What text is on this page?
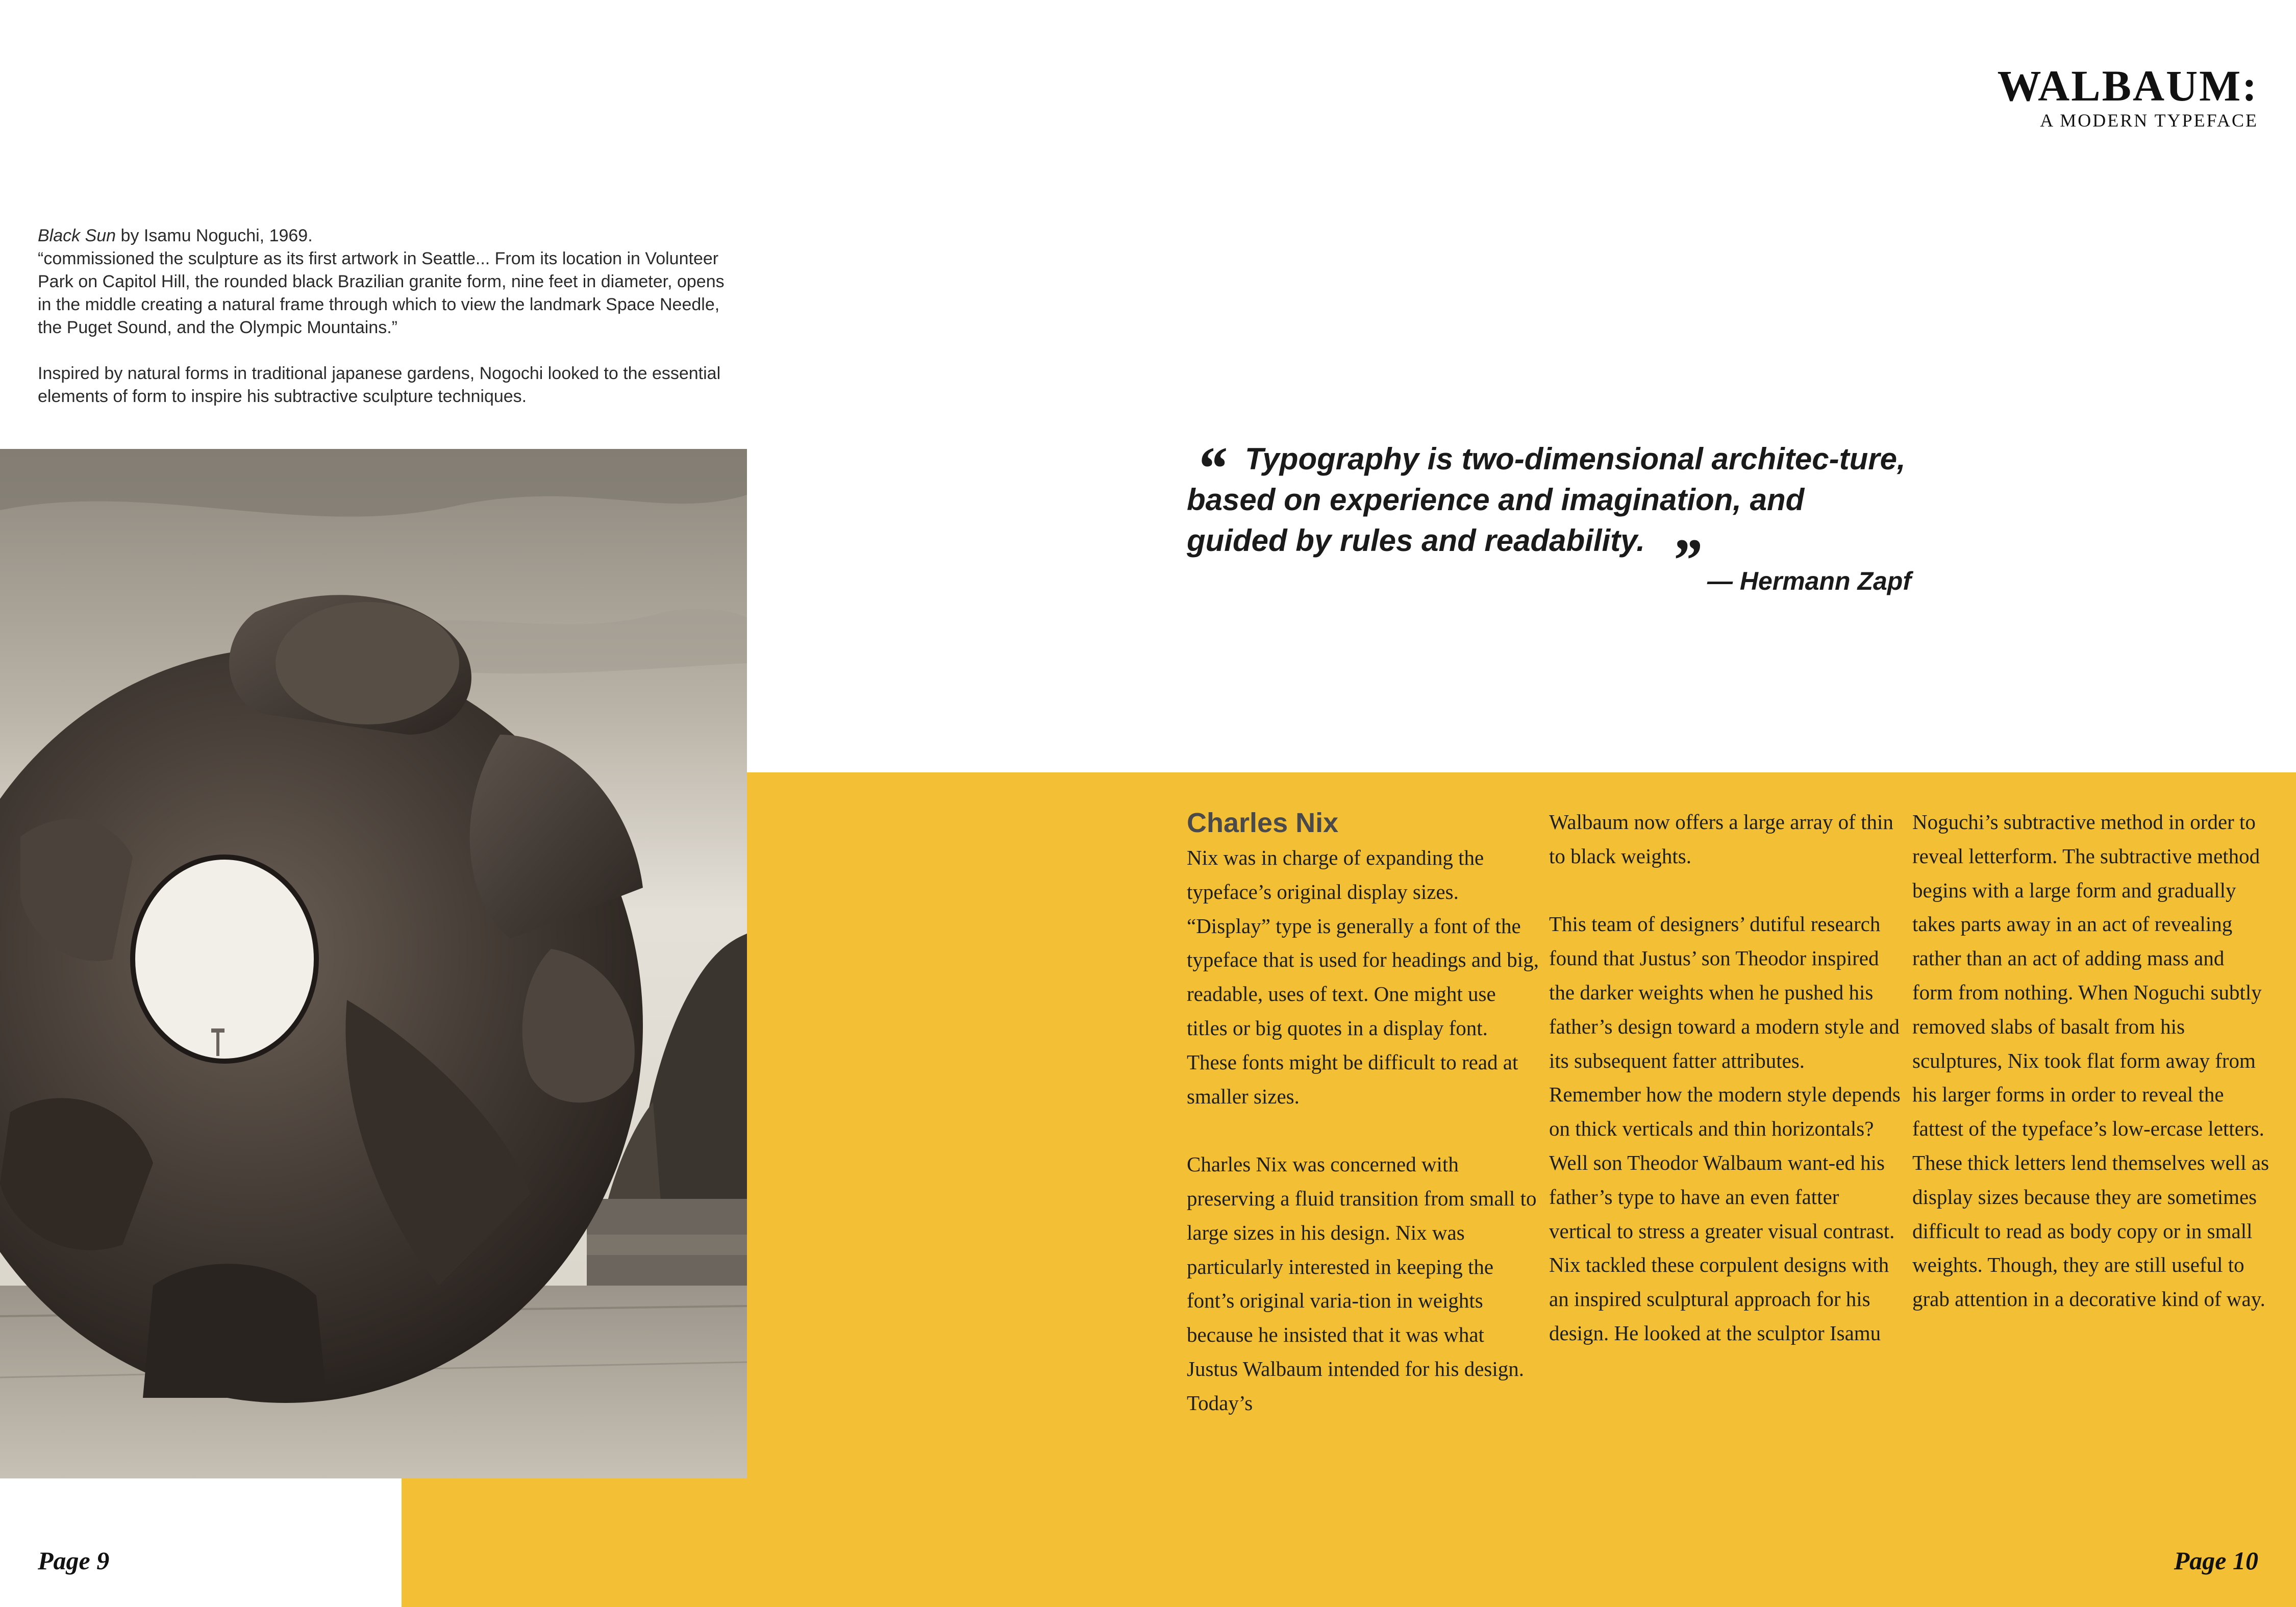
WALBAUM:
A MODERN TYPEFACE

Black Sun by Isamu Noguchi, 1969.

“commissioned the sculpture as its first artwork in Seattle... From its location in Volunteer Park on Capitol Hill, the rounded black Brazilian granite form, nine feet in diameter, opens in the middle creating a natural frame through which to view the landmark Space Needle, the Puget Sound, and the Olympic Mountains.”

Inspired by natural forms in traditional japanese gardens, Nogochi looked to the essential elements of form to inspire his subtractive sculpture techniques.

“ Typography is two-dimensional architec-ture, based on experience and imagination, and guided by rules and readability. ” — Hermann Zapf
Charles Nix

Nix was in charge of expanding the typeface’s original display sizes. “Display” type is generally a font of the typeface that is used for headings and big, readable, uses of text. One might use titles or big quotes in a display font. These fonts might be difficult to read at smaller sizes.

Charles Nix was concerned with preserving a fluid transition from small to large sizes in his design. Nix was particularly interested in keeping the font’s original varia-tion in weights because he insisted that it was what Justus Walbaum intended for his design. Today’s

Walbaum now offers a large array of thin to black weights.

This team of designers’ dutiful research found that Justus’ son Theodor inspired the darker weights when he pushed his father’s design toward a modern style and its subsequent fatter attributes. Remember how the modern style depends on thick verticals and thin horizontals? Well son Theodor Walbaum want-ed his father’s type to have an even fatter vertical to stress a greater visual contrast. Nix tackled these corpulent designs with an inspired sculptural approach for his design. He looked at the sculptor Isamu

Noguchi’s subtractive method in order to reveal letterform. The subtractive method begins with a large form and gradually takes parts away in an act of revealing rather than an act of adding mass and form from nothing. When Noguchi subtly removed slabs of basalt from his sculptures, Nix took flat form away from his larger forms in order to reveal the fattest of the typeface’s low-ercase letters. These thick letters lend themselves well as display sizes because they are sometimes difficult to read as body copy or in small weights. Though, they are still useful to grab attention in a decorative kind of way.

Page 9	Page 10
